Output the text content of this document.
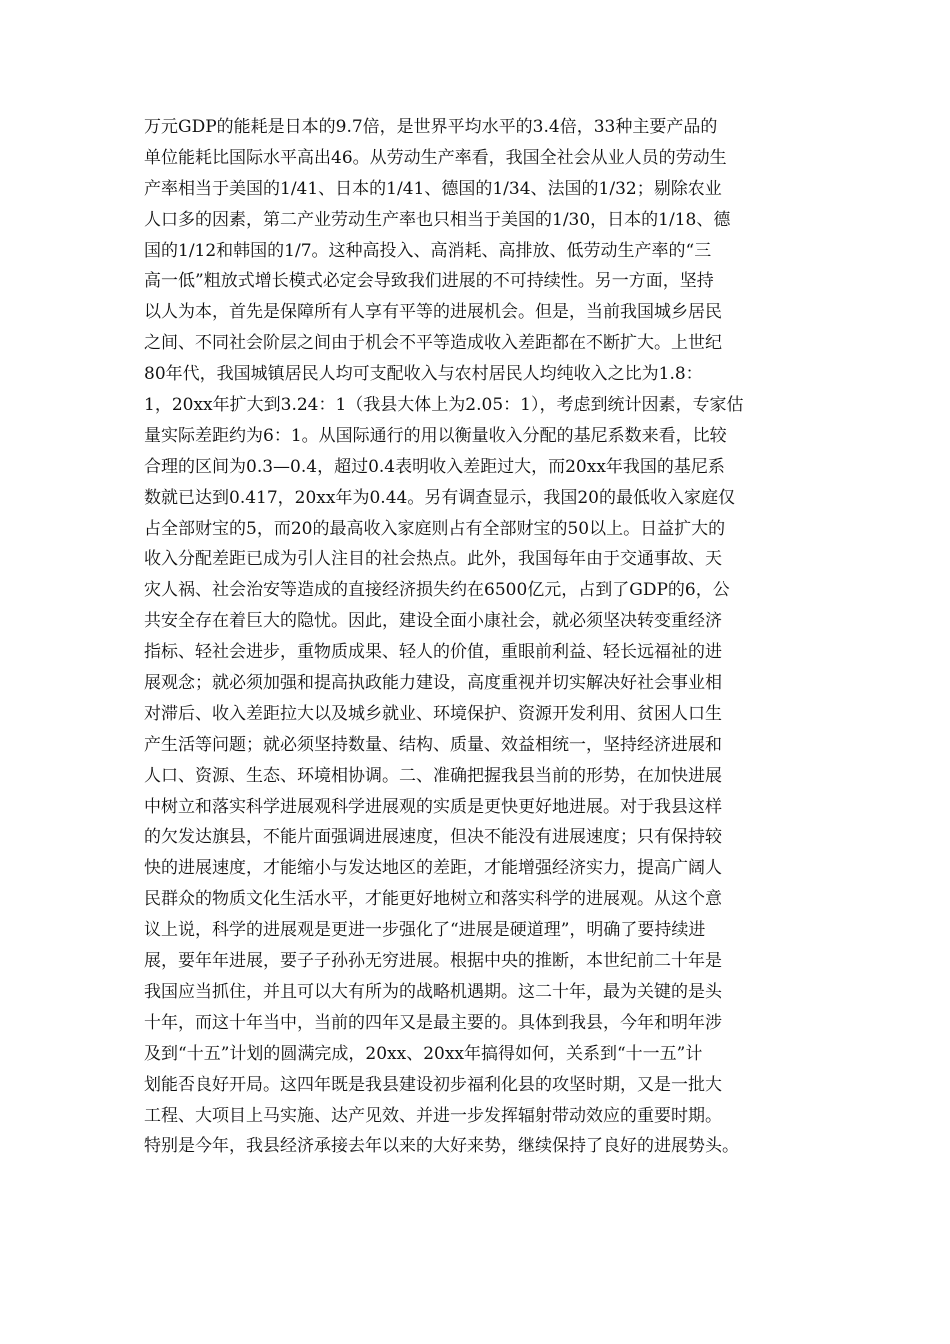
万元GDP的能耗是日本的9.7倍，是世界平均水平的3.4倍，33种主要产品的
单位能耗比国际水平高出46。从劳动生产率看，我国全社会从业人员的劳动生
产率相当于美国的1/41、日本的1/41、德国的1/34、法国的1/32；剔除农业
人口多的因素，第二产业劳动生产率也只相当于美国的1/30，日本的1/18、德
国的1/12和韩国的1/7。这种高投入、高消耗、高排放、低劳动生产率的“三
高一低”粗放式增长模式必定会导致我们进展的不可持续性。另一方面，坚持
以人为本，首先是保障所有人享有平等的进展机会。但是，当前我国城乡居民
之间、不同社会阶层之间由于机会不平等造成收入差距都在不断扩大。上世纪
80年代，我国城镇居民人均可支配收入与农村居民人均纯收入之比为1.8：
1，20xx年扩大到3.24：1（我县大体上为2.05：1），考虑到统计因素，专家估
量实际差距约为6：1。从国际通行的用以衡量收入分配的基尼系数来看，比较
合理的区间为0.3—0.4，超过0.4表明收入差距过大，而20xx年我国的基尼系
数就已达到0.417，20xx年为0.44。另有调查显示，我国20的最低收入家庭仅
占全部财宝的5，而20的最高收入家庭则占有全部财宝的50以上。日益扩大的
收入分配差距已成为引人注目的社会热点。此外，我国每年由于交通事故、天
灾人祸、社会治安等造成的直接经济损失约在6500亿元，占到了GDP的6，公
共安全存在着巨大的隐忧。因此，建设全面小康社会，就必须坚决转变重经济
指标、轻社会进步，重物质成果、轻人的价值，重眼前利益、轻长远福祉的进
展观念；就必须加强和提高执政能力建设，高度重视并切实解决好社会事业相
对滞后、收入差距拉大以及城乡就业、环境保护、资源开发利用、贫困人口生
产生活等问题；就必须坚持数量、结构、质量、效益相统一，坚持经济进展和
人口、资源、生态、环境相协调。二、准确把握我县当前的形势，在加快进展
中树立和落实科学进展观科学进展观的实质是更快更好地进展。对于我县这样
的欠发达旗县，不能片面强调进展速度，但决不能没有进展速度；只有保持较
快的进展速度，才能缩小与发达地区的差距，才能增强经济实力，提高广阔人
民群众的物质文化生活水平，才能更好地树立和落实科学的进展观。从这个意
议上说，科学的进展观是更进一步强化了“进展是硬道理”，明确了要持续进
展，要年年进展，要子子孙孙无穷进展。根据中央的推断，本世纪前二十年是
我国应当抓住，并且可以大有所为的战略机遇期。这二十年，最为关键的是头
十年，而这十年当中，当前的四年又是最主要的。具体到我县，今年和明年涉
及到“十五”计划的圆满完成，20xx、20xx年搞得如何，关系到“十一五”计
划能否良好开局。这四年既是我县建设初步福利化县的攻坚时期，又是一批大
工程、大项目上马实施、达产见效、并进一步发挥辐射带动效应的重要时期。
特别是今年，我县经济承接去年以来的大好来势，继续保持了良好的进展势头。
